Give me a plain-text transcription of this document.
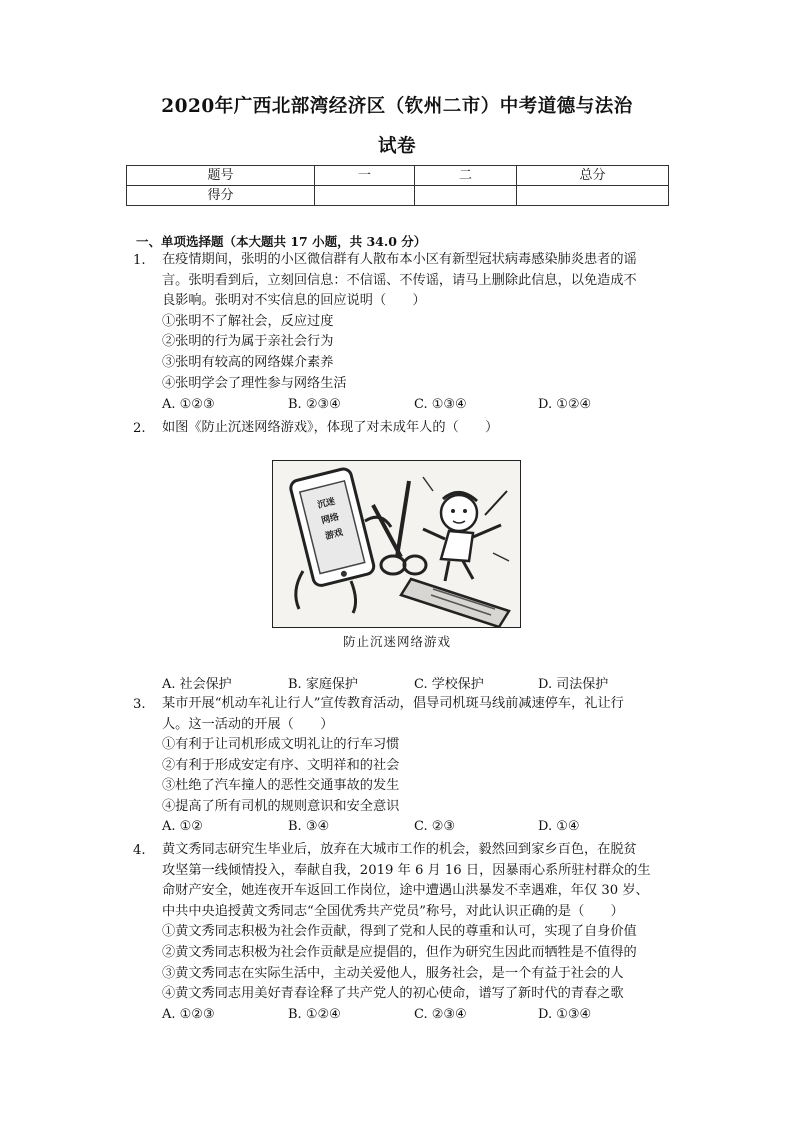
2020年广西北部湾经济区（钦州二市）中考道德与法治
试卷
题号	一	二	总分
得分			
一、单项选择题（本大题共 17 小题，共 34.0 分）
1. 在疫情期间，张明的小区微信群有人散布本小区有新型冠状病毒感染肺炎患者的谣
言。张明看到后，立刻回信息：不信谣、不传谣，请马上删除此信息，以免造成不
良影响。张明对不实信息的回应说明（　　）
①张明不了解社会，反应过度
②张明的行为属于亲社会行为
③张明有较高的网络媒介素养
④张明学会了理性参与网络生活
A. ①②③	B. ②③④	C. ①③④	D. ①②④
2. 如图《防止沉迷网络游戏》，体现了对未成年人的（　　）
沉迷
网络
游戏
防止沉迷网络游戏
A. 社会保护	B. 家庭保护	C. 学校保护	D. 司法保护
3. 某市开展“机动车礼让行人”宣传教育活动，倡导司机斑马线前减速停车，礼让行
人。这一活动的开展（　　）
①有利于让司机形成文明礼让的行车习惯
②有利于形成安定有序、文明祥和的社会
③杜绝了汽车撞人的恶性交通事故的发生
④提高了所有司机的规则意识和安全意识
A. ①②	B. ③④	C. ②③	D. ①④
4. 黄文秀同志研究生毕业后，放弃在大城市工作的机会，毅然回到家乡百色，在脱贫
攻坚第一线倾情投入，奉献自我，2019 年 6 月 16 日，因暴雨心系所驻村群众的生
命财产安全，她连夜开车返回工作岗位，途中遭遇山洪暴发不幸遇难，年仅 30 岁、
中共中央追授黄文秀同志“全国优秀共产党员”称号，对此认识正确的是（　　）
①黄文秀同志积极为社会作贡献，得到了党和人民的尊重和认可，实现了自身价值
②黄文秀同志积极为社会作贡献是应提倡的，但作为研究生因此而牺牲是不值得的
③黄文秀同志在实际生活中，主动关爱他人，服务社会，是一个有益于社会的人
④黄文秀同志用美好青春诠释了共产党人的初心使命，谱写了新时代的青春之歌
A. ①②③	B. ①②④	C. ②③④	D. ①③④
